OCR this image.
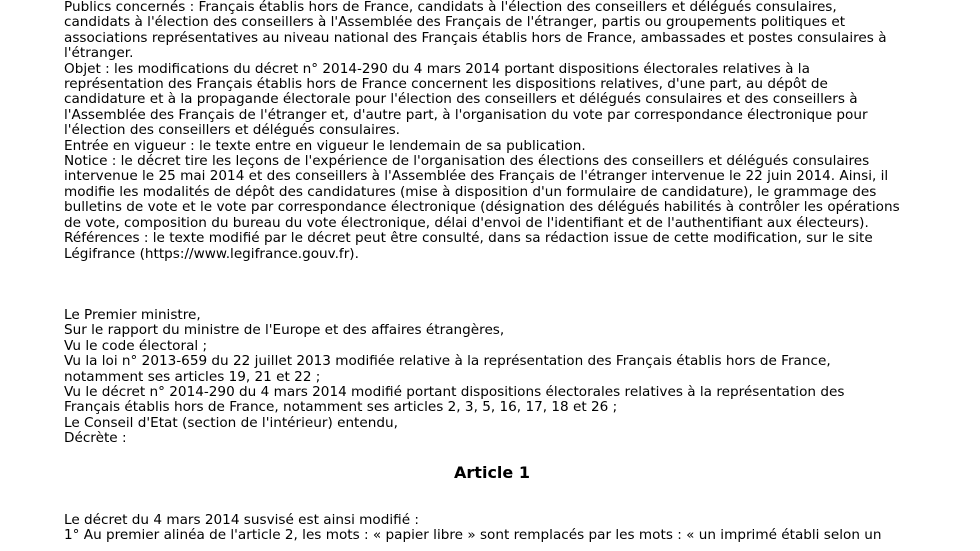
Publics concernés : Français établis hors de France, candidats à l'élection des conseillers et délégués consulaires,
candidats à l'élection des conseillers à l'Assemblée des Français de l'étranger, partis ou groupements politiques et
associations représentatives au niveau national des Français établis hors de France, ambassades et postes consulaires à
l'étranger.
Objet : les modifications du décret n° 2014-290 du 4 mars 2014 portant dispositions électorales relatives à la
représentation des Français établis hors de France concernent les dispositions relatives, d'une part, au dépôt de
candidature et à la propagande électorale pour l'élection des conseillers et délégués consulaires et des conseillers à
l'Assemblée des Français de l'étranger et, d'autre part, à l'organisation du vote par correspondance électronique pour
l'élection des conseillers et délégués consulaires.
Entrée en vigueur : le texte entre en vigueur le lendemain de sa publication.
Notice : le décret tire les leçons de l'expérience de l'organisation des élections des conseillers et délégués consulaires
intervenue le 25 mai 2014 et des conseillers à l'Assemblée des Français de l'étranger intervenue le 22 juin 2014. Ainsi, il
modifie les modalités de dépôt des candidatures (mise à disposition d'un formulaire de candidature), le grammage des
bulletins de vote et le vote par correspondance électronique (désignation des délégués habilités à contrôler les opérations
de vote, composition du bureau du vote électronique, délai d'envoi de l'identifiant et de l'authentifiant aux électeurs).
Références : le texte modifié par le décret peut être consulté, dans sa rédaction issue de cette modification, sur le site
Légifrance (https://www.legifrance.gouv.fr).
Le Premier ministre,
Sur le rapport du ministre de l'Europe et des affaires étrangères,
Vu le code électoral ;
Vu la loi n° 2013-659 du 22 juillet 2013 modifiée relative à la représentation des Français établis hors de France,
notamment ses articles 19, 21 et 22 ;
Vu le décret n° 2014-290 du 4 mars 2014 modifié portant dispositions électorales relatives à la représentation des
Français établis hors de France, notamment ses articles 2, 3, 5, 16, 17, 18 et 26 ;
Le Conseil d'Etat (section de l'intérieur) entendu,
Décrète :
Article 1
Le décret du 4 mars 2014 susvisé est ainsi modifié :
1° Au premier alinéa de l'article 2, les mots : « papier libre » sont remplacés par les mots : « un imprimé établi selon un
